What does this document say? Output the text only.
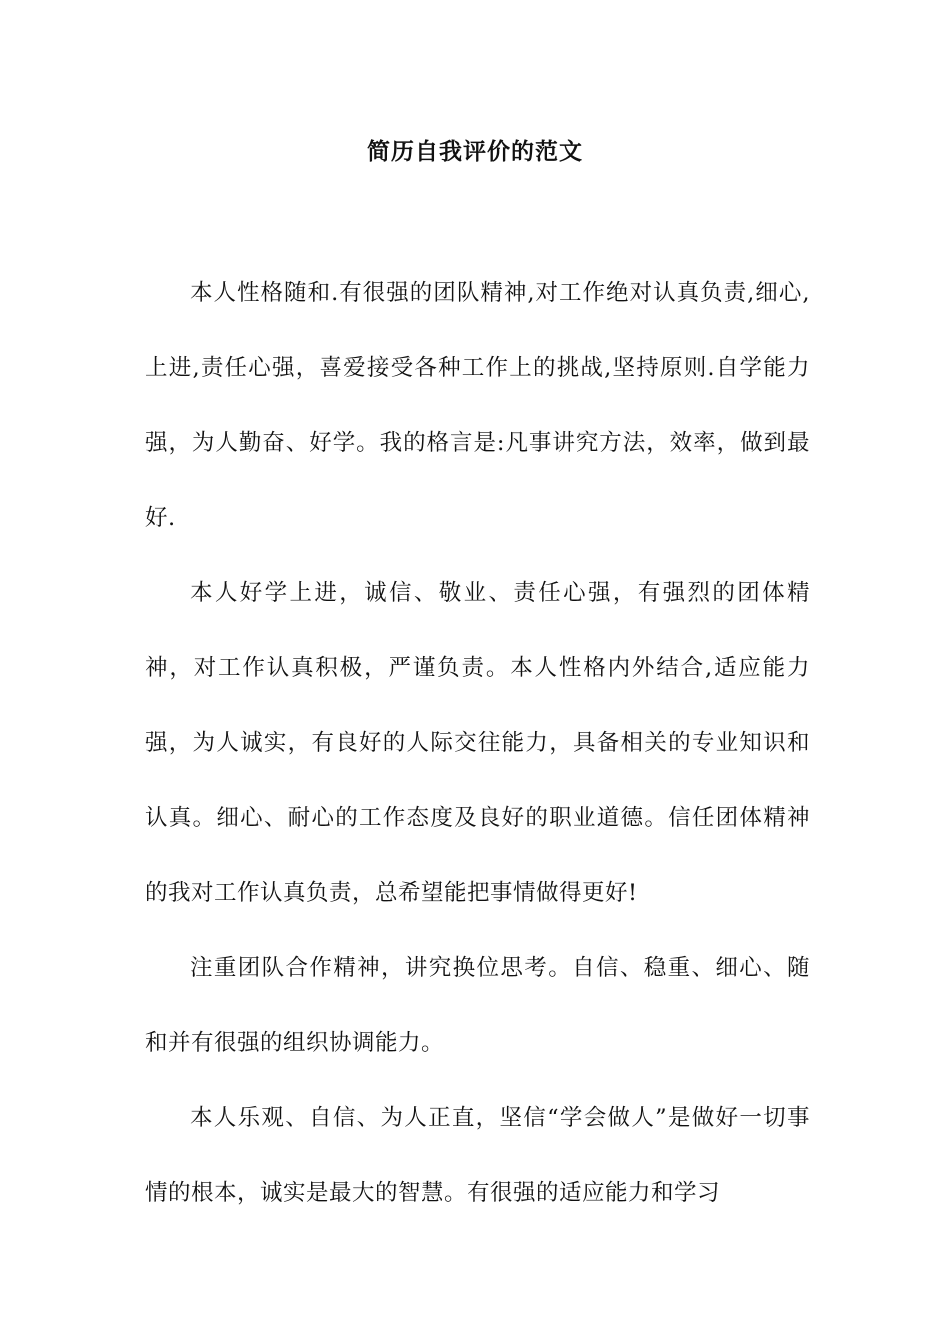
简历自我评价的范文

本人性格随和.有很强的团队精神,对工作绝对认真负责,细心,上进,责任心强，喜爱接受各种工作上的挑战,坚持原则.自学能力强，为人勤奋、好学。我的格言是:凡事讲究方法，效率，做到最好.

本人好学上进，诚信、敬业、责任心强，有强烈的团体精神，对工作认真积极，严谨负责。本人性格内外结合,适应能力强，为人诚实，有良好的人际交往能力，具备相关的专业知识和认真。细心、耐心的工作态度及良好的职业道德。信任团体精神的我对工作认真负责，总希望能把事情做得更好!

注重团队合作精神，讲究换位思考。自信、稳重、细心、随和并有很强的组织协调能力。

本人乐观、自信、为人正直，坚信“学会做人”是做好一切事情的根本，诚实是最大的智慧。有很强的适应能力和学习
